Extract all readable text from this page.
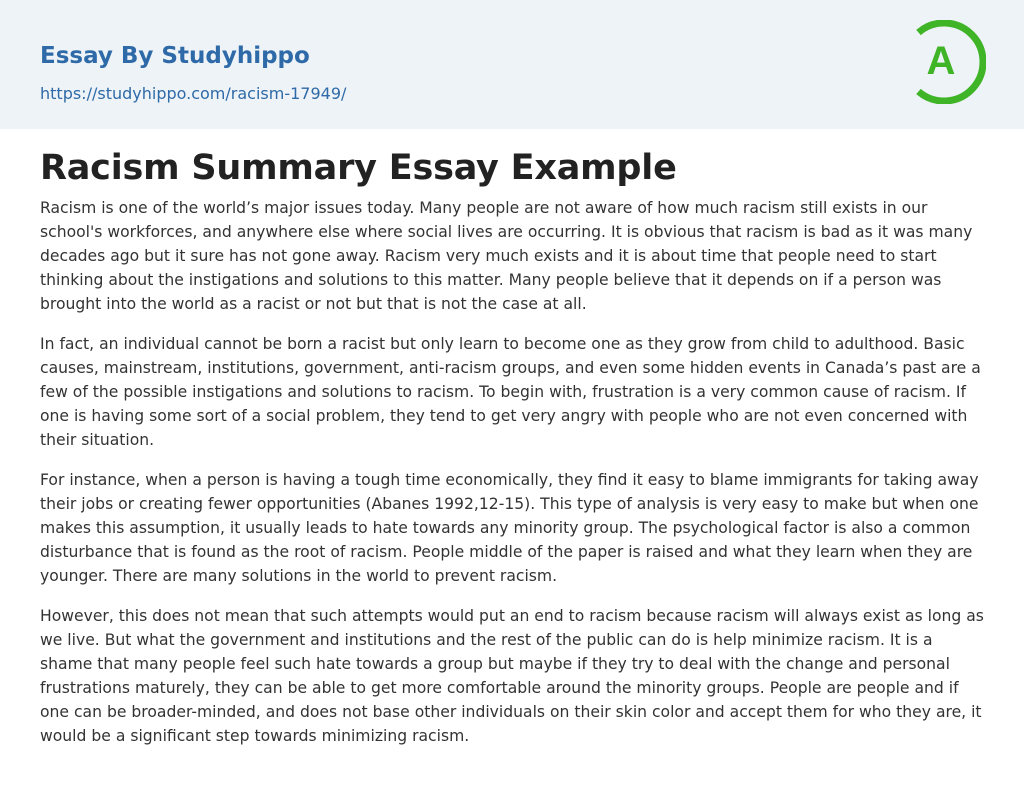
Essay By Studyhippo
https://studyhippo.com/racism-17949/
A
Racism Summary Essay Example

Racism is one of the world’s major issues today. Many people are not aware of how much racism still exists in our school's workforces, and anywhere else where social lives are occurring. It is obvious that racism is bad as it was many decades ago but it sure has not gone away. Racism very much exists and it is about time that people need to start thinking about the instigations and solutions to this matter. Many people believe that it depends on if a person was brought into the world as a racist or not but that is not the case at all.

In fact, an individual cannot be born a racist but only learn to become one as they grow from child to adulthood. Basic causes, mainstream, institutions, government, anti-racism groups, and even some hidden events in Canada’s past are a few of the possible instigations and solutions to racism. To begin with, frustration is a very common cause of racism. If one is having some sort of a social problem, they tend to get very angry with people who are not even concerned with their situation.

For instance, when a person is having a tough time economically, they find it easy to blame immigrants for taking away their jobs or creating fewer opportunities (Abanes 1992,12-15). This type of analysis is very easy to make but when one makes this assumption, it usually leads to hate towards any minority group. The psychological factor is also a common disturbance that is found as the root of racism. People middle of the paper is raised and what they learn when they are younger. There are many solutions in the world to prevent racism.

However, this does not mean that such attempts would put an end to racism because racism will always exist as long as we live. But what the government and institutions and the rest of the public can do is help minimize racism. It is a shame that many people feel such hate towards a group but maybe if they try to deal with the change and personal frustrations maturely, they can be able to get more comfortable around the minority groups. People are people and if one can be broader-minded, and does not base other individuals on their skin color and accept them for who they are, it would be a significant step towards minimizing racism.
